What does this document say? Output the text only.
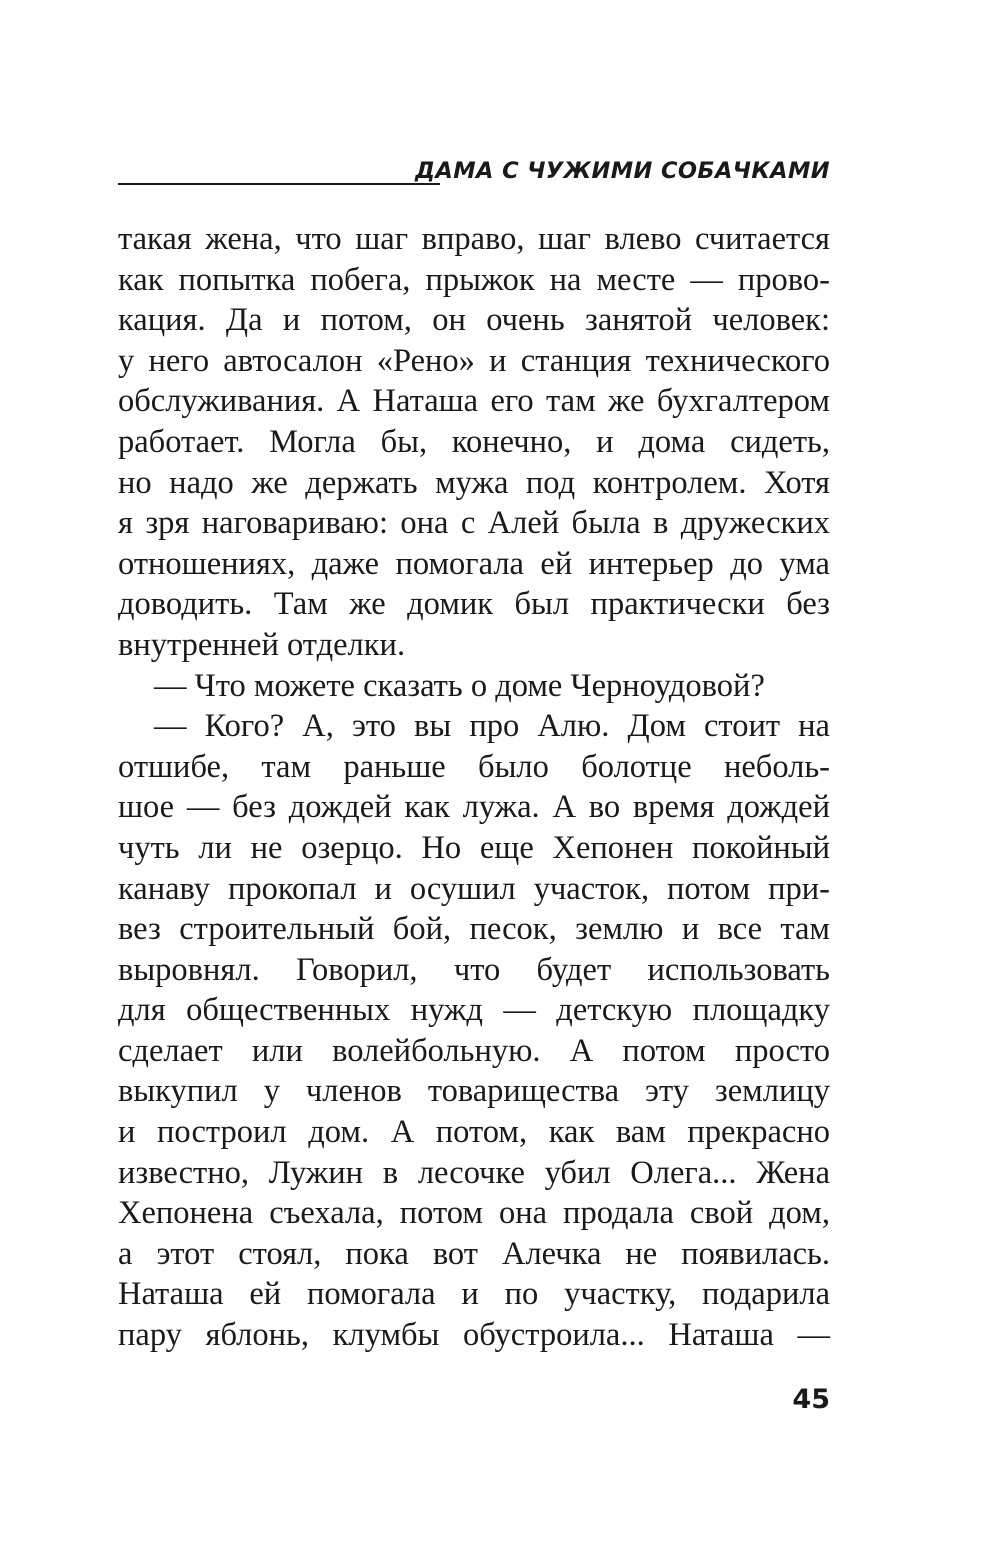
ДАМА С ЧУЖИМИ СОБАЧКАМИ
такая жена, что шаг вправо, шаг влево считается
как попытка побега, прыжок на месте — прово-
кация. Да и потом, он очень занятой человек:
у него автосалон «Рено» и станция технического
обслуживания. А Наташа его там же бухгалтером
работает. Могла бы, конечно, и дома сидеть,
но надо же держать мужа под контролем. Хотя
я зря наговариваю: она с Алей была в дружеских
отношениях, даже помогала ей интерьер до ума
доводить. Там же домик был практически без
внутренней отделки.
— Что можете сказать о доме Черноудовой?
— Кого? А, это вы про Алю. Дом стоит на
отшибе, там раньше было болотце неболь-
шое — без дождей как лужа. А во время дождей
чуть ли не озерцо. Но еще Хепонен покойный
канаву прокопал и осушил участок, потом при-
вез строительный бой, песок, землю и все там
выровнял. Говорил, что будет использовать
для общественных нужд — детскую площадку
сделает или волейбольную. А потом просто
выкупил у членов товарищества эту землицу
и построил дом. А потом, как вам прекрасно
известно, Лужин в лесочке убил Олега... Жена
Хепонена съехала, потом она продала свой дом,
а этот стоял, пока вот Алечка не появилась.
Наташа ей помогала и по участку, подарила
пару яблонь, клумбы обустроила... Наташа —
45
